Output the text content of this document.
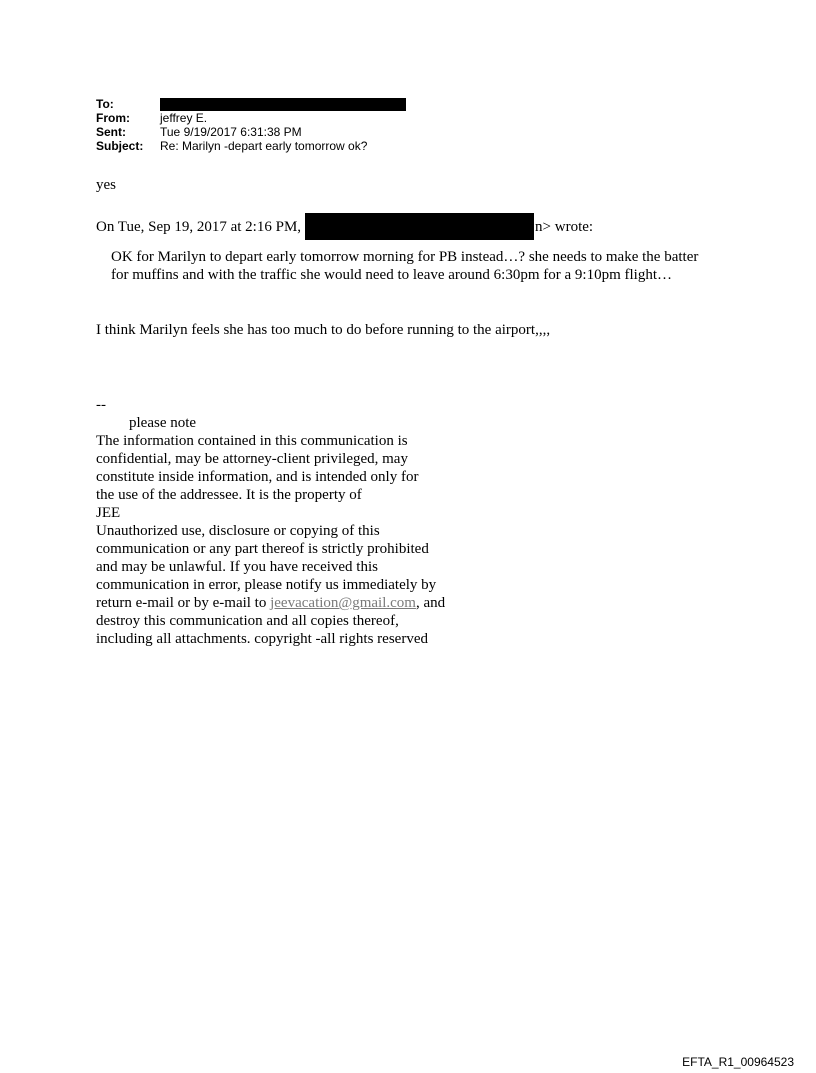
To:
From:	jeffrey E.
Sent:	Tue 9/19/2017 6:31:38 PM
Subject:	Re: Marilyn -depart early tomorrow ok?
yes
On Tue, Sep 19, 2017 at 2:16 PM,	n> wrote:
OK for Marilyn to depart early tomorrow morning for PB instead…? she needs to make the batter for muffins and with the traffic she would need to leave around 6:30pm for a 9:10pm flight…
I think Marilyn feels she has too much to do before running to the airport,,,,
--
please note
The information contained in this communication is
confidential, may be attorney-client privileged, may
constitute inside information, and is intended only for
the use of the addressee. It is the property of
JEE
Unauthorized use, disclosure or copying of this
communication or any part thereof is strictly prohibited
and may be unlawful. If you have received this
communication in error, please notify us immediately by
return e-mail or by e-mail to jeevacation@gmail.com, and
destroy this communication and all copies thereof,
including all attachments. copyright -all rights reserved
EFTA_R1_00964523
